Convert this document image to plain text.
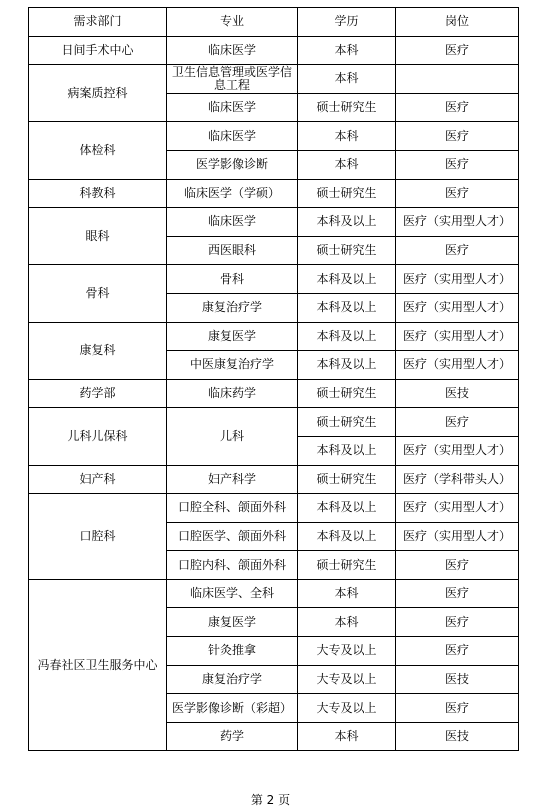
需求部门	专业	学历	岗位
日间手术中心	临床医学	本科	医疗
病案质控科	卫生信息管理或医学信息工程	本科	
	临床医学	硕士研究生	医疗
体检科	临床医学	本科	医疗
	医学影像诊断	本科	医疗
科教科	临床医学（学硕）	硕士研究生	医疗
眼科	临床医学	本科及以上	医疗（实用型人才）
	西医眼科	硕士研究生	医疗
骨科	骨科	本科及以上	医疗（实用型人才）
	康复治疗学	本科及以上	医疗（实用型人才）
康复科	康复医学	本科及以上	医疗（实用型人才）
	中医康复治疗学	本科及以上	医疗（实用型人才）
药学部	临床药学	硕士研究生	医技
儿科儿保科	儿科	硕士研究生	医疗
		本科及以上	医疗（实用型人才）
妇产科	妇产科学	硕士研究生	医疗（学科带头人）
口腔科	口腔全科、颌面外科	本科及以上	医疗（实用型人才）
	口腔医学、颌面外科	本科及以上	医疗（实用型人才）
	口腔内科、颌面外科	硕士研究生	医疗
冯春社区卫生服务中心	临床医学、全科	本科	医疗
	康复医学	本科	医疗
	针灸推拿	大专及以上	医疗
	康复治疗学	大专及以上	医技
	医学影像诊断（彩超）	大专及以上	医疗
	药学	本科	医技
第 2 页
